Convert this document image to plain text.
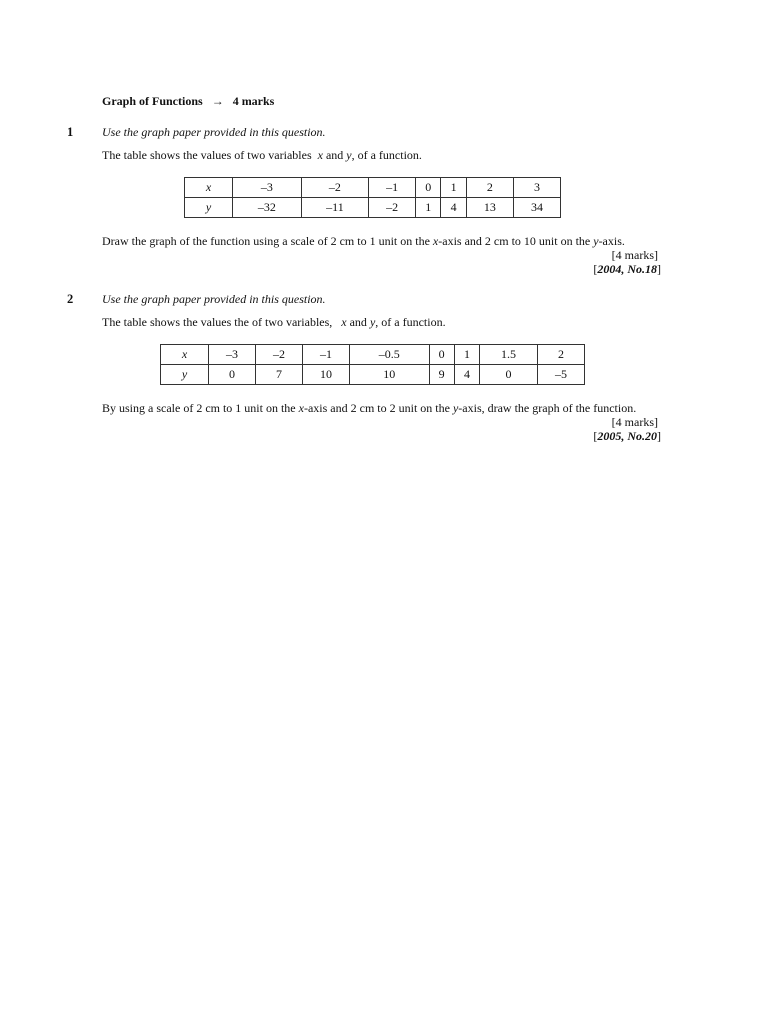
Graph of Functions → 4 marks
1 Use the graph paper provided in this question.
The table shows the values of two variables x and y, of a function.
x	–3	–2	–1	0	1	2	3
y	–32	–11	–2	1	4	13	34
Draw the graph of the function using a scale of 2 cm to 1 unit on the x-axis and 2 cm to 10 unit on the y-axis.
[4 marks]
[2004, No.18]
2 Use the graph paper provided in this question.
The table shows the values the of two variables, x and y, of a function.
x	–3	–2	–1	–0.5	0	1	1.5	2
y	0	7	10	10	9	4	0	–5
By using a scale of 2 cm to 1 unit on the x-axis and 2 cm to 2 unit on the y-axis, draw the graph of the function.
[4 marks]
[2005, No.20]
